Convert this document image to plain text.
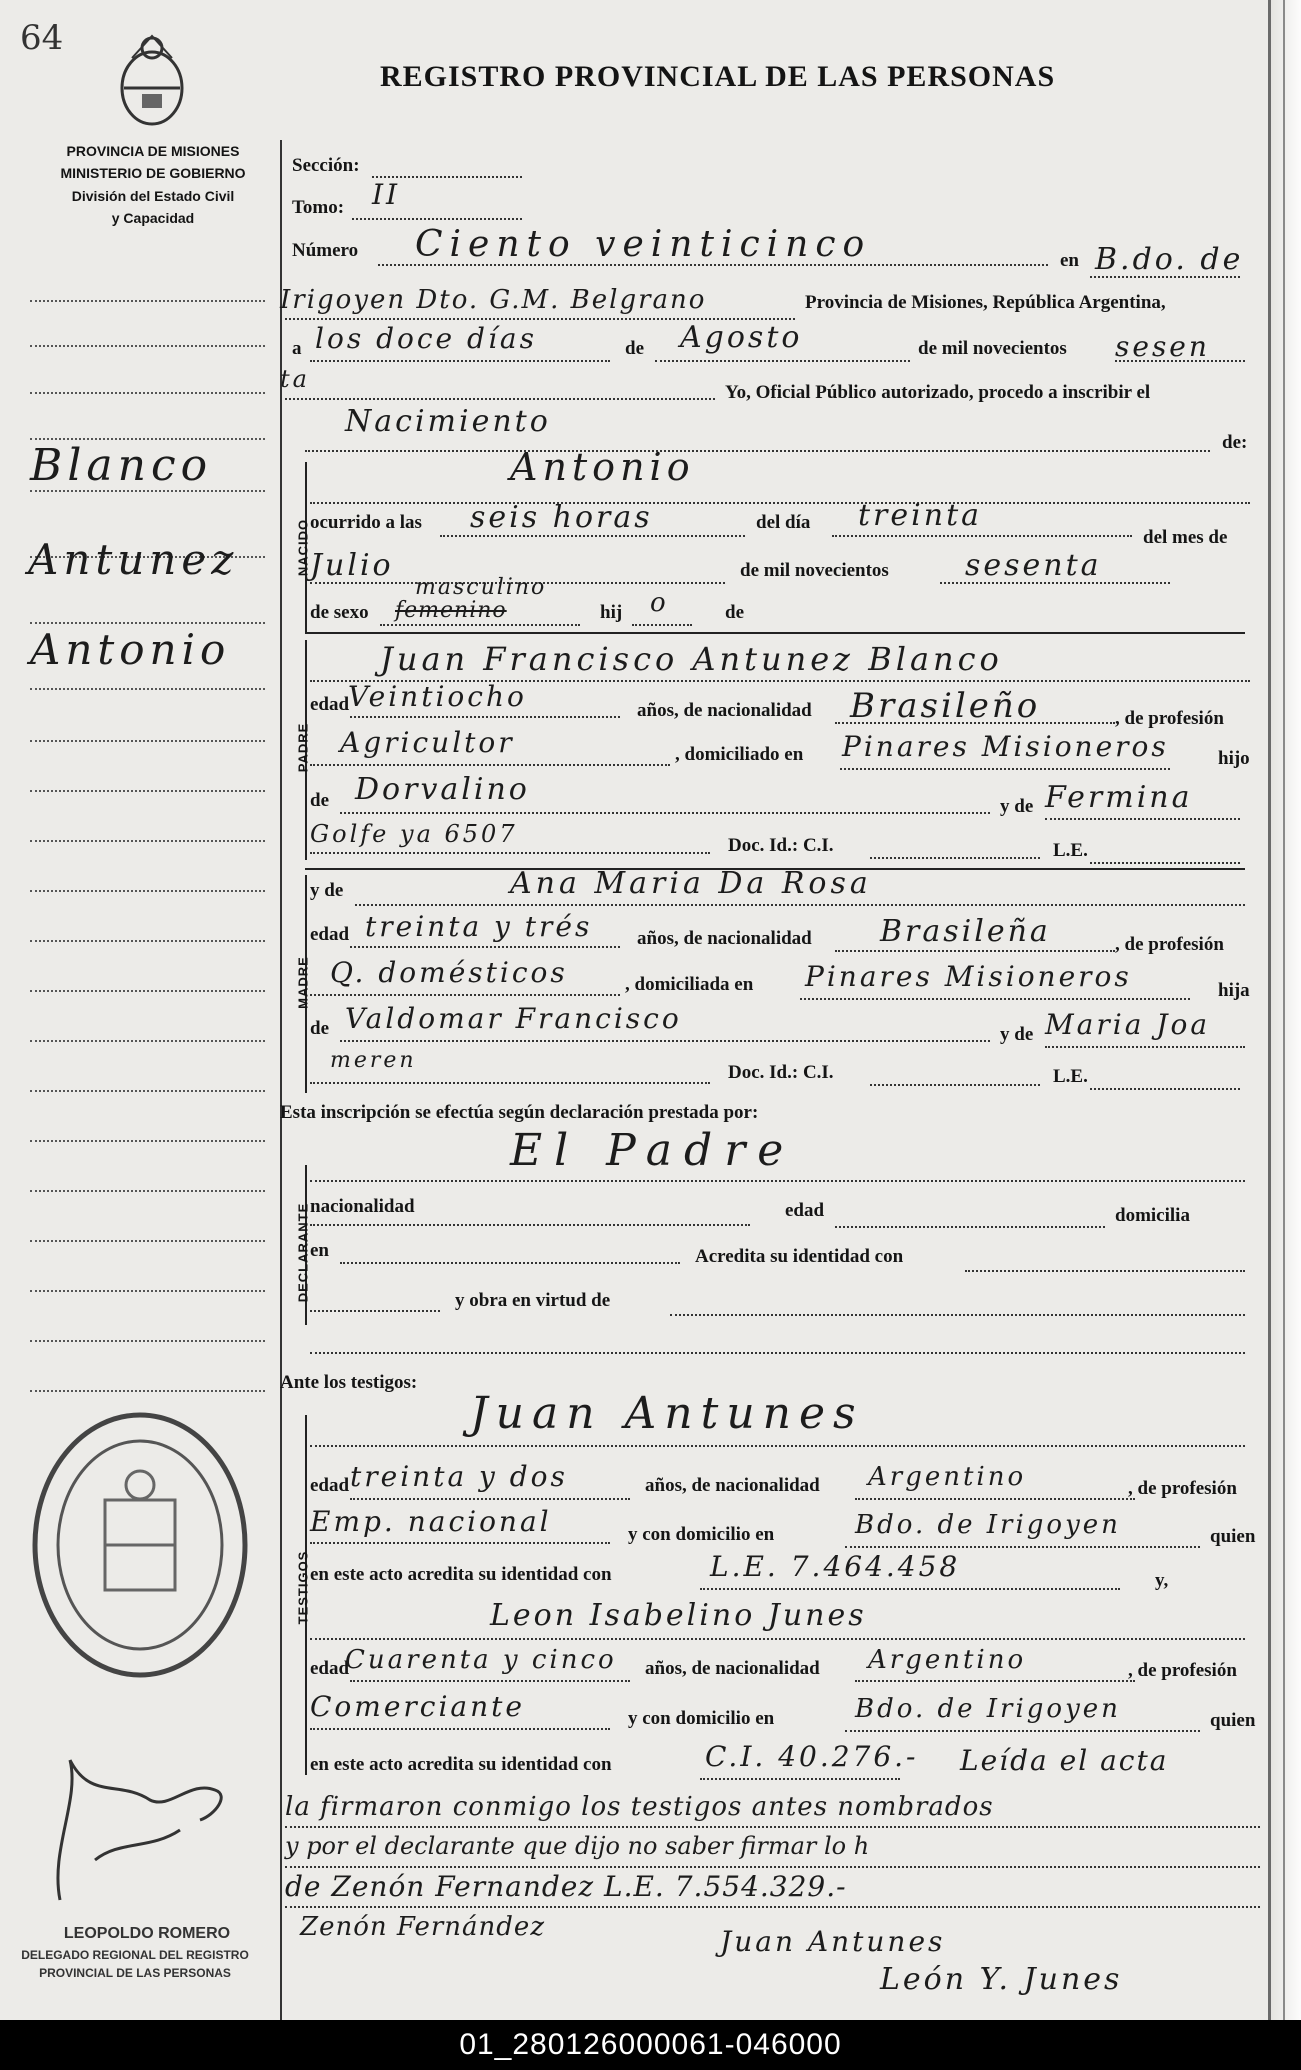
64
PROVINCIA DE MISIONES
MINISTERIO DE GOBIERNO
División del Estado Civil
y Capacidad
REGISTRO PROVINCIAL DE LAS PERSONAS
Blanco
Antunez
Antonio
Sección:
Tomo: II
Número Ciento veinticinco	en B.do. de
Irigoyen Dto. G.M. Belgrano	Provincia de Misiones, República Argentina,
a los doce días	de Agosto	de mil novecientos sesen
ta	Yo, Oficial Público autorizado, procedo a inscribir el
Nacimiento
de:
NACIDO
Antonio
ocurrido a las seis horas	del día treinta
del mes de
Julio	de mil novecientos	sesenta
de sexo
masculino
femenino	hij o	de
PADRE
Juan Francisco Antunez Blanco
edad
Veintiocho	años, de nacionalidad Brasileño	, de profesión
Agricultor	, domiciliado en Pinares Misioneros	hijo
de Dorvalino	y de Fermina
Golfe ya 6507	Doc. Id.: C.I.	L.E.
MADRE
y de	Ana Maria Da Rosa
edad treinta y trés años, de nacionalidad Brasileña	, de profesión
Q. domésticos	, domiciliada en Pinares Misioneros	hija
de Valdomar Francisco	y de Maria Joa
meren	Doc. Id.: C.I.	L.E.
Esta inscripción se efectúa según declaración prestada por:
El Padre
DECLARANTE nacionalidad	edad	domicilia
en	Acredita su identidad con
y obra en virtud de
Ante los testigos:
TESTIGOS
Juan Antunes
edad treinta y dos	años, de nacionalidad Argentino	, de profesión
Emp. nacional	y con domicilio en	Bdo. de Irigoyen	quien
en este acto acredita su identidad con	L.E. 7.464.458	y,
Leon Isabelino Junes
edad
Cuarenta y cinco años, de nacionalidad Argentino	, de profesión
Comerciante	y con domicilio en	Bdo. de Irigoyen	quien
en este acto acredita su identidad con	C.I. 40.276.- Leída el acta
la firmaron conmigo los testigos antes nombrados
y por el declarante que dijo no saber firmar lo h
de Zenón Fernandez L.E. 7.554.329.-
Zenón Fernández	Juan Antunes
León Y. Junes
LEOPOLDO ROMERO
DELEGADO REGIONAL DEL REGISTRO
PROVINCIAL DE LAS PERSONAS
01_280126000061-046000
